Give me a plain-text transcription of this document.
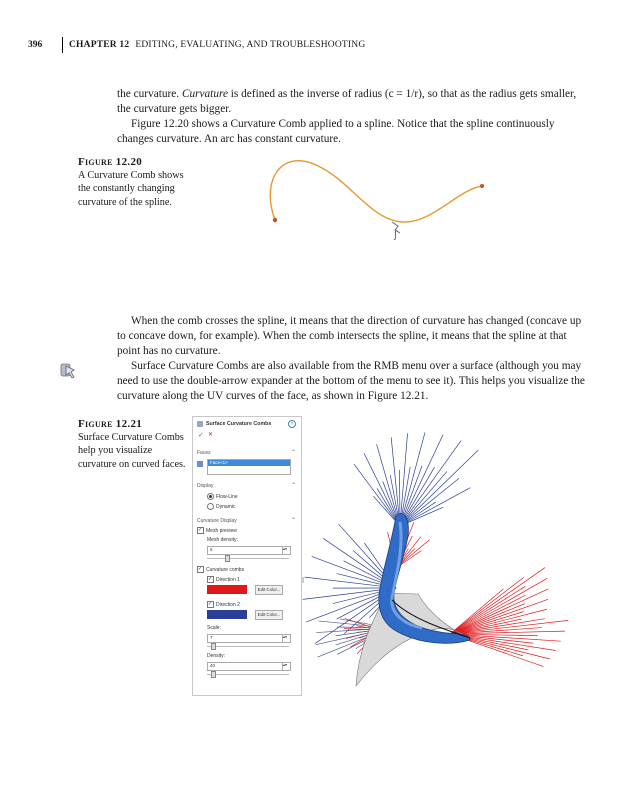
396	CHAPTER 12 EDITING, EVALUATING, AND TROUBLESHOOTING

the curvature. Curvature is defined as the inverse of radius (c = 1/r), so that as the radius gets smaller, the curvature gets bigger.

Figure 12.20 shows a Curvature Comb applied to a spline. Notice that the spline continuously changes curvature. An arc has constant curvature.

Figure 12.20
A Curvature Comb shows the constantly changing curvature of the spline.
ʃ

When the comb crosses the spline, it means that the direction of curvature has changed (concave up to concave down, for example). When the comb intersects the spline, it means that the spline at that point has no curvature.

Surface Curvature Combs are also available from the RMB menu over a surface (although you may need to use the double-arrow expander at the bottom of the menu to see it). This helps you visualize the curvature along the UV curves of the face, as shown in Figure 12.21.

Figure 12.21
Surface Curvature Combs help you visualize curvature on curved faces.
Surface Curvature Combs	?
✓ ✕
Faces	⌃
Face<1>
Display	⌃
Flow-Line
Dynamic
Curvature Display	⌃
✓ Mesh preview
Mesh density:
5	▴▾
✓ Curvature combs
✓ Direction 1
Edit Color...
✓ Direction 2
Edit Color...
Scale:
7	▴▾
Density:
40	▴▾
